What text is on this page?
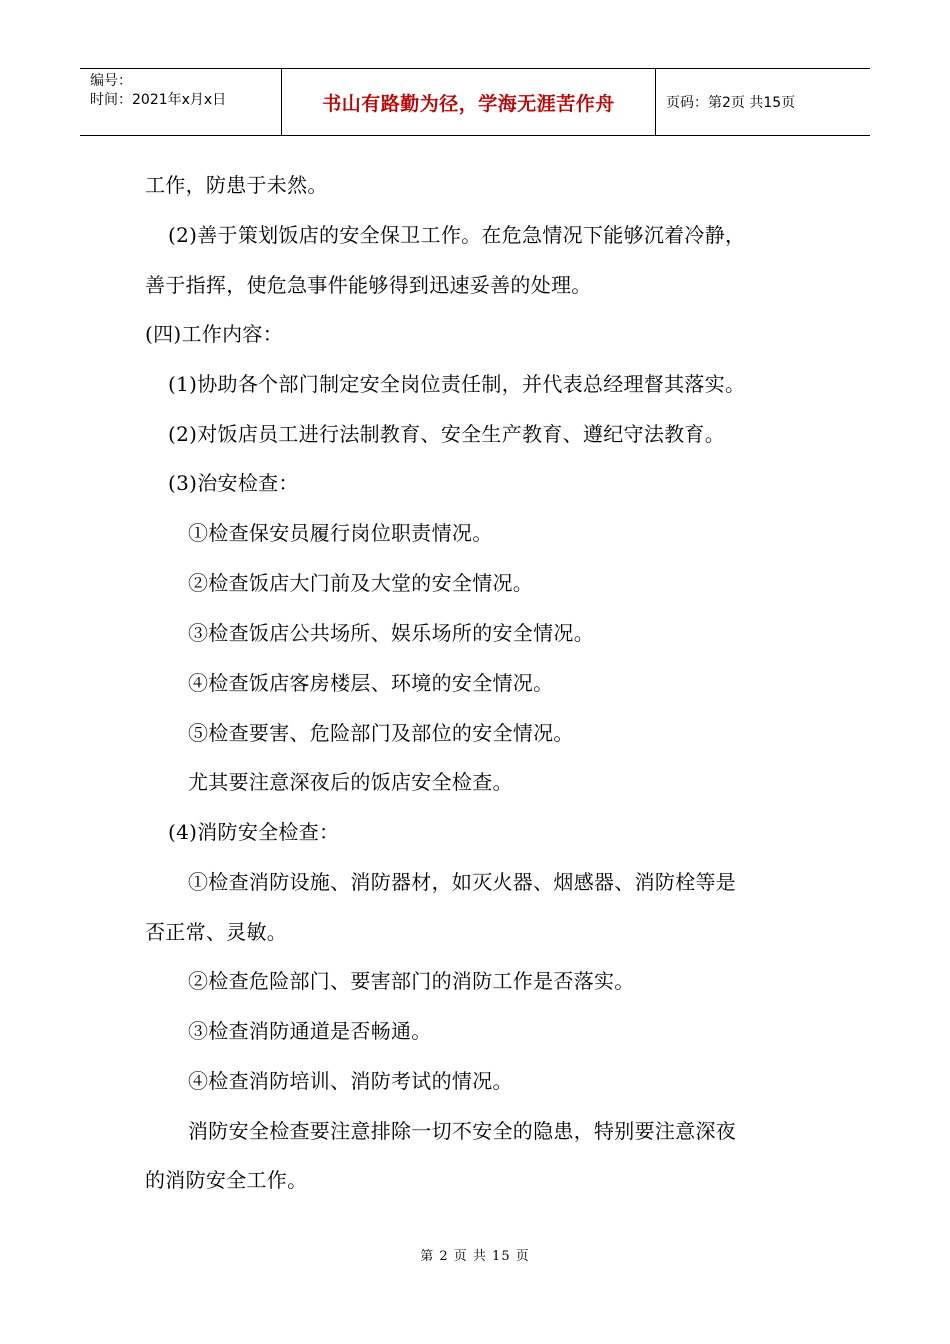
编号：
时间：2021年x月x日	书山有路勤为径，学海无涯苦作舟	页码：第2页 共15页
工作，防患于未然。
(2)善于策划饭店的安全保卫工作。在危急情况下能够沉着冷静，
善于指挥，使危急事件能够得到迅速妥善的处理。
(四)工作内容：
(1)协助各个部门制定安全岗位责任制，并代表总经理督其落实。
(2)对饭店员工进行法制教育、安全生产教育、遵纪守法教育。
(3)治安检查：
①检查保安员履行岗位职责情况。
②检查饭店大门前及大堂的安全情况。
③检查饭店公共场所、娱乐场所的安全情况。
④检查饭店客房楼层、环境的安全情况。
⑤检查要害、危险部门及部位的安全情况。
尤其要注意深夜后的饭店安全检查。
(4)消防安全检查：
①检查消防设施、消防器材，如灭火器、烟感器、消防栓等是
否正常、灵敏。
②检查危险部门、要害部门的消防工作是否落实。
③检查消防通道是否畅通。
④检查消防培训、消防考试的情况。
消防安全检查要注意排除一切不安全的隐患，特别要注意深夜
的消防安全工作。
第 2 页 共 15 页
